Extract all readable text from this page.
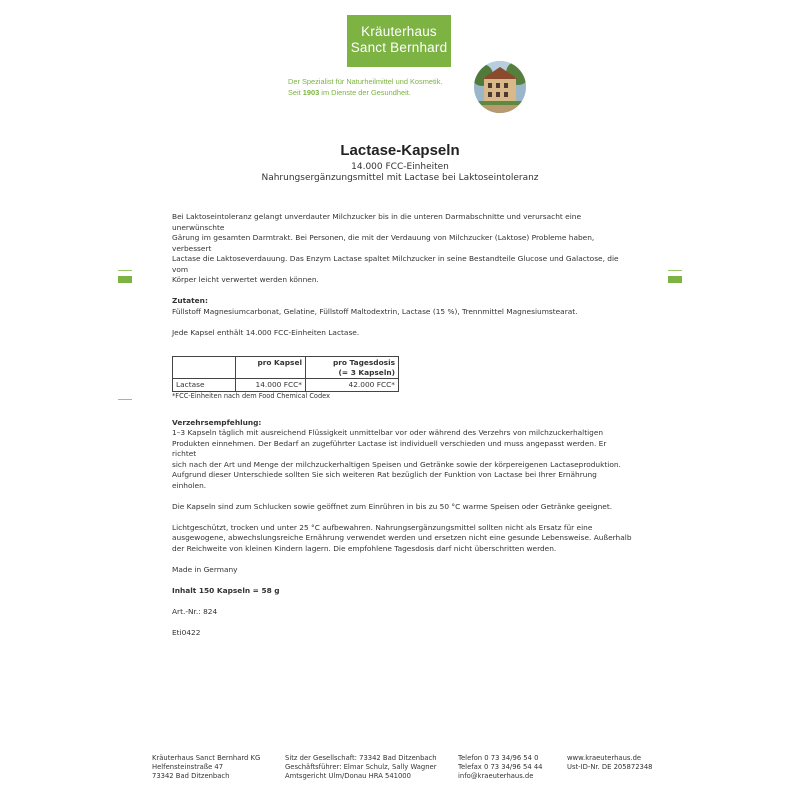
Kräuterhaus
Sanct Bernhard
Der Spezialist für Naturheilmittel und Kosmetik.
Seit 1903 im Dienste der Gesundheit.
Lactase-Kapseln
14.000 FCC-Einheiten
Nahrungsergänzungsmittel mit Lactase bei Laktoseintoleranz

Bei Laktoseintoleranz gelangt unverdauter Milchzucker bis in die unteren Darmabschnitte und verursacht eine unerwünschte

Gärung im gesamten Darmtrakt. Bei Personen, die mit der Verdauung von Milchzucker (Laktose) Probleme haben, verbessert

Lactase die Laktoseverdauung. Das Enzym Lactase spaltet Milchzucker in seine Bestandteile Glucose und Galactose, die vom

Körper leicht verwertet werden können.

Zutaten:

Füllstoff Magnesiumcarbonat, Gelatine, Füllstoff Maltodextrin, Lactase (15 %), Trennmittel Magnesiumstearat.

Jede Kapsel enthält 14.000 FCC-Einheiten Lactase.

	pro Kapsel	pro Tagesdosis
(= 3 Kapseln)
Lactase	14.000 FCC*	42.000 FCC*

*FCC-Einheiten nach dem Food Chemical Codex

Verzehrsempfehlung:

1–3 Kapseln täglich mit ausreichend Flüssigkeit unmittelbar vor oder während des Verzehrs von milchzuckerhaltigen

Produkten einnehmen. Der Bedarf an zugeführter Lactase ist individuell verschieden und muss angepasst werden. Er richtet

sich nach der Art und Menge der milchzuckerhaltigen Speisen und Getränke sowie der körpereigenen Lactaseproduktion.

Aufgrund dieser Unterschiede sollten Sie sich weiteren Rat bezüglich der Funktion von Lactase bei Ihrer Ernährung einholen.

Die Kapseln sind zum Schlucken sowie geöffnet zum Einrühren in bis zu 50 °C warme Speisen oder Getränke geeignet.

Lichtgeschützt, trocken und unter 25 °C aufbewahren. Nahrungsergänzungsmittel sollten nicht als Ersatz für eine

ausgewogene, abwechslungsreiche Ernährung verwendet werden und ersetzen nicht eine gesunde Lebensweise. Außerhalb

der Reichweite von kleinen Kindern lagern. Die empfohlene Tagesdosis darf nicht überschritten werden.

Made in Germany

Inhalt 150 Kapseln = 58 g

Art.-Nr.: 824

Eti0422

Kräuterhaus Sanct Bernhard KG
Helfensteinstraße 47
73342 Bad Ditzenbach
Sitz der Gesellschaft: 73342 Bad Ditzenbach
Geschäftsführer: Elmar Schulz, Sally Wagner
Amtsgericht Ulm/Donau HRA 541000
Telefon 0 73 34/96 54 0
Telefax 0 73 34/96 54 44
info@kraeuterhaus.de
www.kraeuterhaus.de
Ust-ID-Nr. DE 205872348
